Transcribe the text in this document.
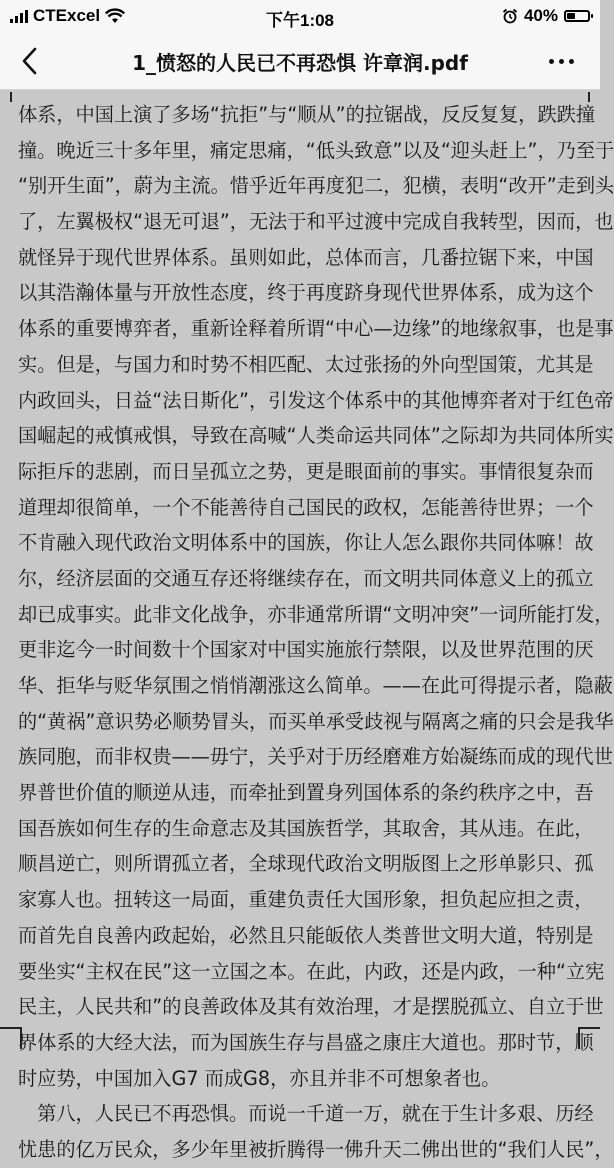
CTExcel	下午1:08	40%
1_愤怒的人民已不再恐惧 许章润.pdf
体系，中国上演了多场“抗拒”与“顺从”的拉锯战，反反复复，跌跌撞
撞。晚近三十多年里，痛定思痛，“低头致意”以及“迎头赶上”，乃至于
“别开生面”，蔚为主流。惜乎近年再度犯二，犯横，表明“改开”走到头
了，左翼极权“退无可退”，无法于和平过渡中完成自我转型，因而，也
就怪异于现代世界体系。虽则如此，总体而言，几番拉锯下来，中国
以其浩瀚体量与开放性态度，终于再度跻身现代世界体系，成为这个
体系的重要博弈者，重新诠释着所谓“中心—边缘”的地缘叙事，也是事
实。但是，与国力和时势不相匹配、太过张扬的外向型国策，尤其是
内政回头，日益“法日斯化”，引发这个体系中的其他博弈者对于红色帝
国崛起的戒慎戒惧，导致在高喊“人类命运共同体”之际却为共同体所实
际拒斥的悲剧，而日呈孤立之势，更是眼面前的事实。事情很复杂而
道理却很简单，一个不能善待自己国民的政权，怎能善待世界；一个
不肯融入现代政治文明体系中的国族，你让人怎么跟你共同体嘛！故
尔，经济层面的交通互存还将继续存在，而文明共同体意义上的孤立
却已成事实。此非文化战争，亦非通常所谓“文明冲突”一词所能打发，
更非迄今一时间数十个国家对中国实施旅行禁限，以及世界范围的厌
华、拒华与贬华氛围之悄悄潮涨这么简单。——在此可得提示者，隐蔽
的“黄祸”意识势必顺势冒头，而买单承受歧视与隔离之痛的只会是我华
族同胞，而非权贵——毋宁，关乎对于历经磨难方始凝练而成的现代世
界普世价值的顺逆从违，而牵扯到置身列国体系的条约秩序之中，吾
国吾族如何生存的生命意志及其国族哲学，其取舍，其从违。在此，
顺昌逆亡，则所谓孤立者，全球现代政治文明版图上之形单影只、孤
家寡人也。扭转这一局面，重建负责任大国形象，担负起应担之责，
而首先自良善内政起始，必然且只能皈依人类普世文明大道，特别是
要坐实“主权在民”这一立国之本。在此，内政，还是内政，一种“立宪
民主，人民共和”的良善政体及其有效治理，才是摆脱孤立、自立于世
界体系的大经大法，而为国族生存与昌盛之康庄大道也。那时节，顺
时应势，中国加入G7 而成G8，亦且并非不可想象者也。
　第八，人民已不再恐惧。而说一千道一万，就在于生计多艰、历经
忧患的亿万民众，多少年里被折腾得一佛升天二佛出世的“我们人民”，
